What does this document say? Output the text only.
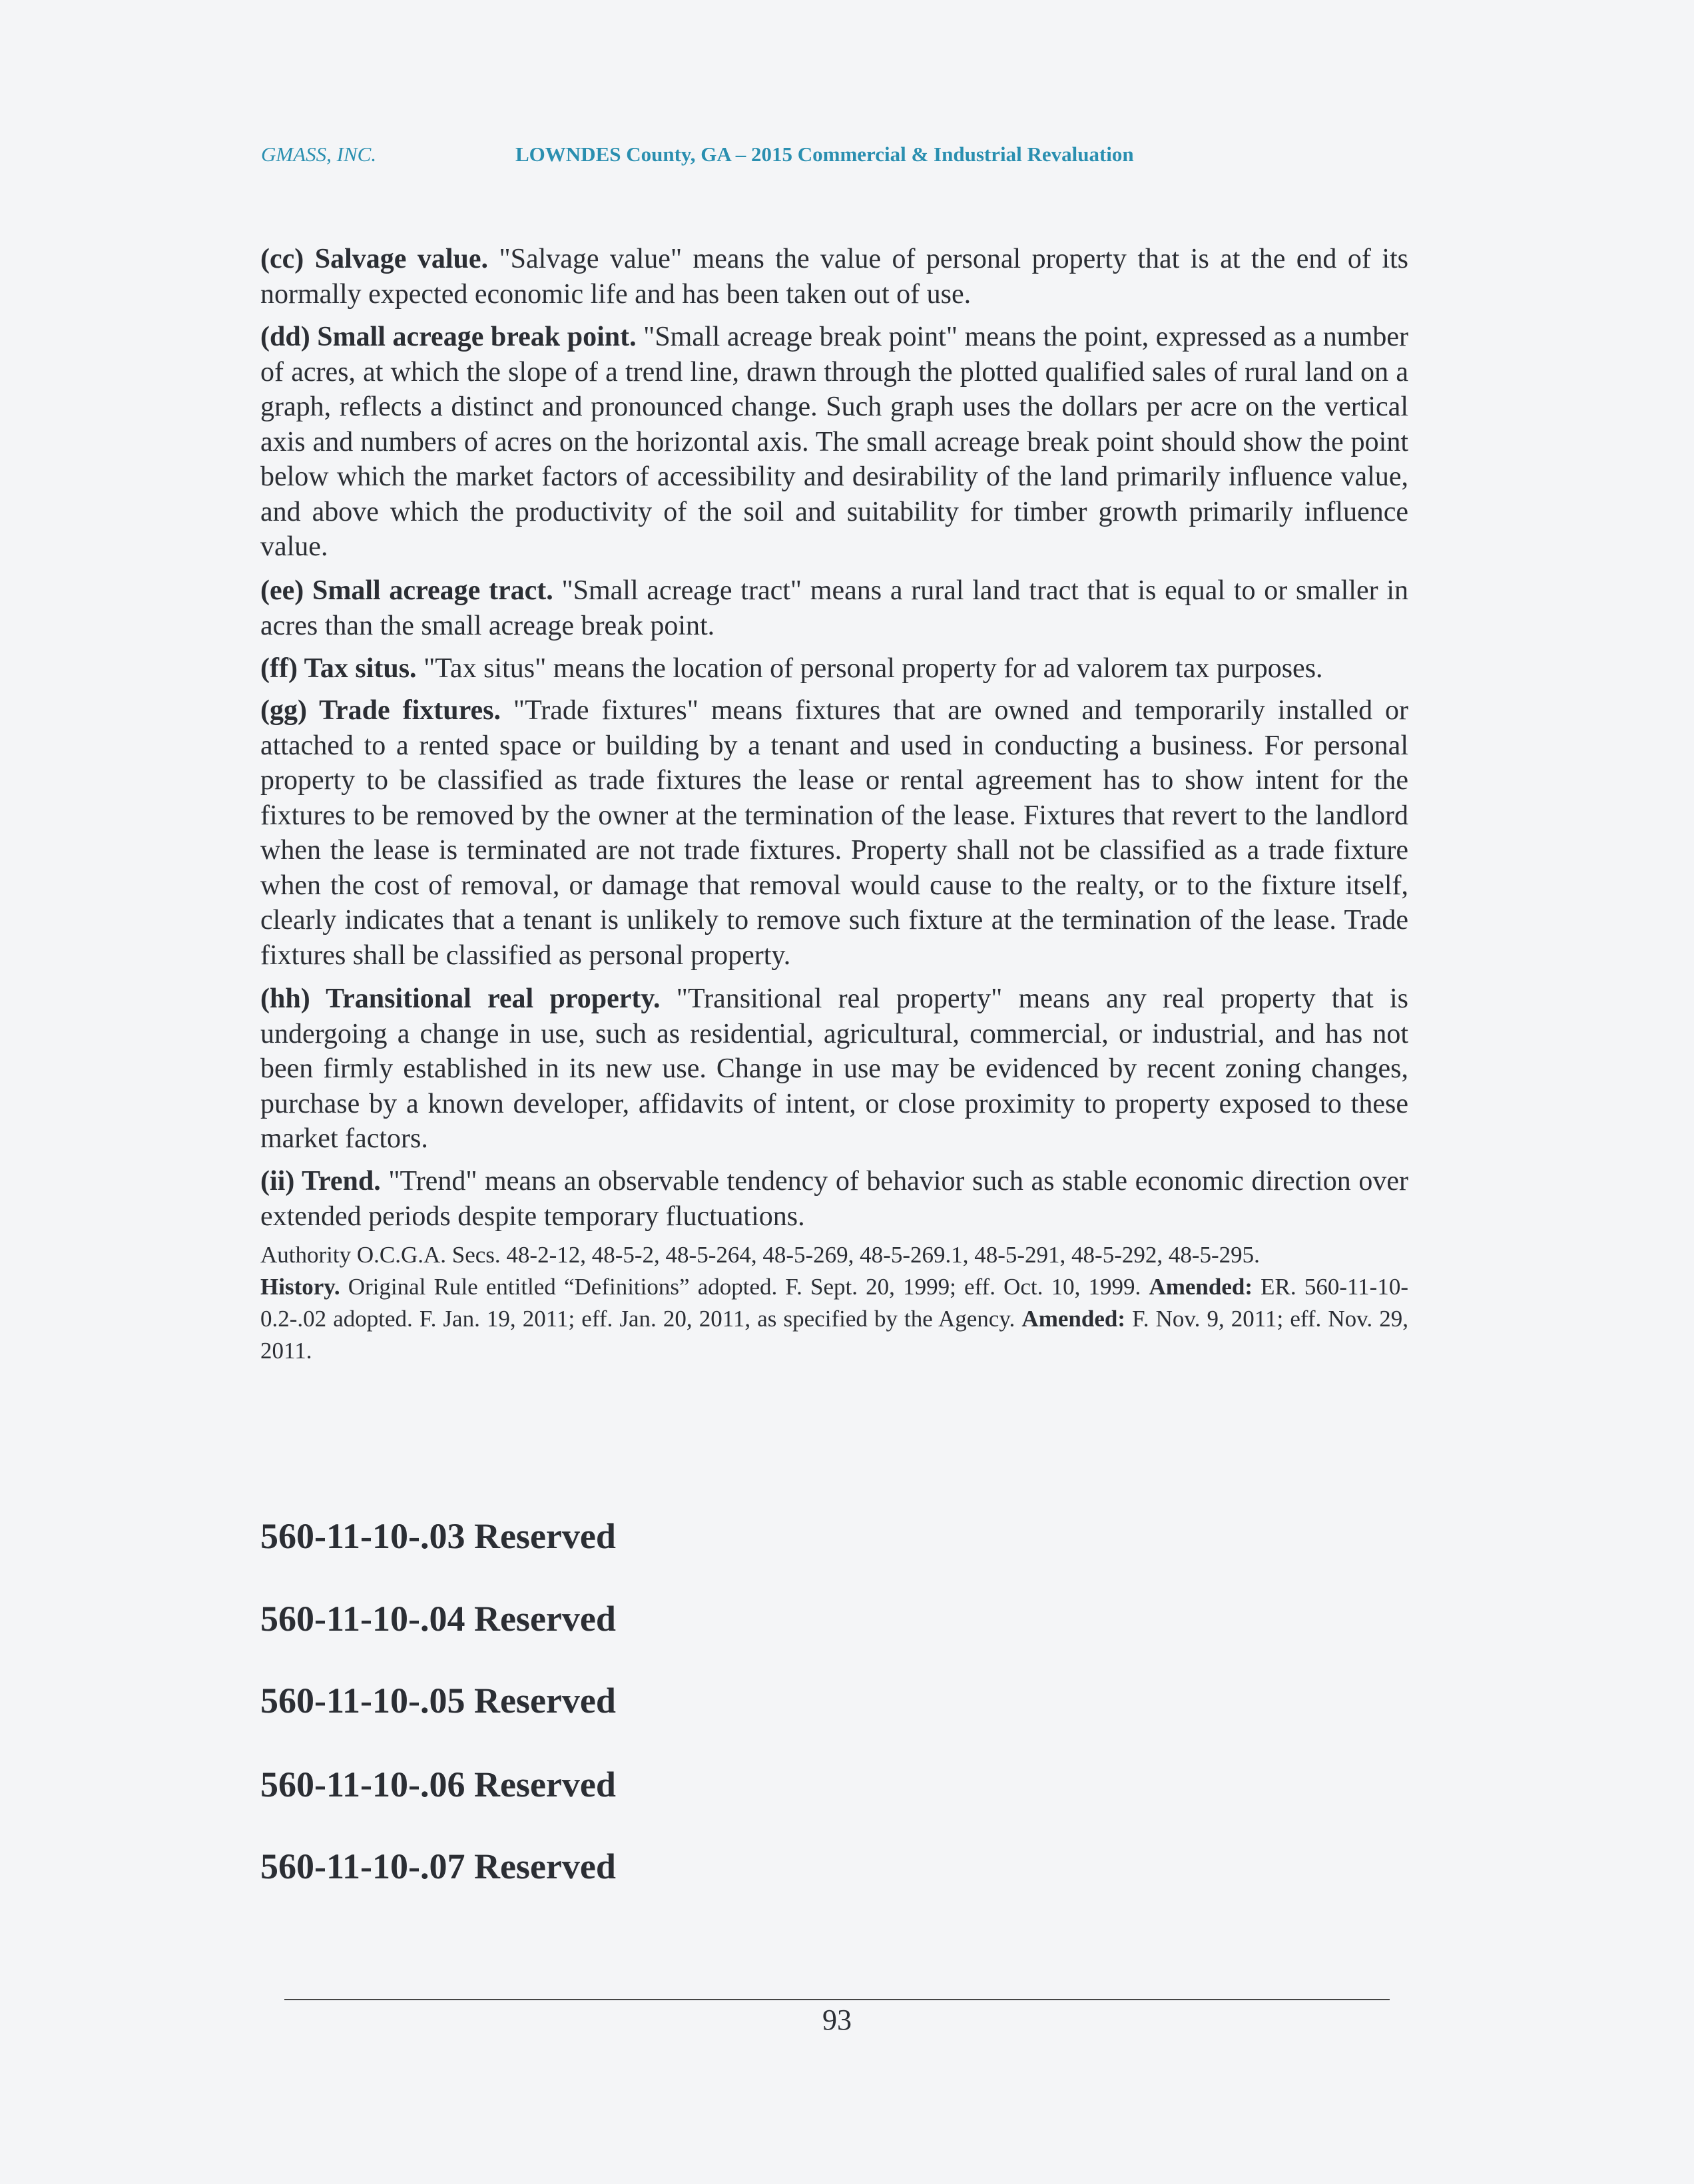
GMASS, INC.	LOWNDES County, GA – 2015 Commercial & Industrial Revaluation
(cc) Salvage value. "Salvage value" means the value of personal property that is at the end of its normally expected economic life and has been taken out of use.
(dd) Small acreage break point. "Small acreage break point" means the point, expressed as a number of acres, at which the slope of a trend line, drawn through the plotted qualified sales of rural land on a graph, reflects a distinct and pronounced change. Such graph uses the dollars per acre on the vertical axis and numbers of acres on the horizontal axis. The small acreage break point should show the point below which the market factors of accessibility and desirability of the land primarily influence value, and above which the productivity of the soil and suitability for timber growth primarily influence value.
(ee) Small acreage tract. "Small acreage tract" means a rural land tract that is equal to or smaller in acres than the small acreage break point.
(ff) Tax situs. "Tax situs" means the location of personal property for ad valorem tax purposes.
(gg) Trade fixtures. "Trade fixtures" means fixtures that are owned and temporarily installed or attached to a rented space or building by a tenant and used in conducting a business. For personal property to be classified as trade fixtures the lease or rental agreement has to show intent for the fixtures to be removed by the owner at the termination of the lease. Fixtures that revert to the landlord when the lease is terminated are not trade fixtures. Property shall not be classified as a trade fixture when the cost of removal, or damage that removal would cause to the realty, or to the fixture itself, clearly indicates that a tenant is unlikely to remove such fixture at the termination of the lease. Trade fixtures shall be classified as personal property.
(hh) Transitional real property. "Transitional real property" means any real property that is undergoing a change in use, such as residential, agricultural, commercial, or industrial, and has not been firmly established in its new use. Change in use may be evidenced by recent zoning changes, purchase by a known developer, affidavits of intent, or close proximity to property exposed to these market factors.
(ii) Trend. "Trend" means an observable tendency of behavior such as stable economic direction over extended periods despite temporary fluctuations.
Authority O.C.G.A. Secs. 48-2-12, 48-5-2, 48-5-264, 48-5-269, 48-5-269.1, 48-5-291, 48-5-292, 48-5-295.
History. Original Rule entitled “Definitions” adopted. F. Sept. 20, 1999; eff. Oct. 10, 1999. Amended: ER. 560-11-10-0.2-.02 adopted. F. Jan. 19, 2011; eff. Jan. 20, 2011, as specified by the Agency. Amended: F. Nov. 9, 2011; eff. Nov. 29, 2011.
560-11-10-.03 Reserved
560-11-10-.04 Reserved
560-11-10-.05 Reserved
560-11-10-.06 Reserved
560-11-10-.07 Reserved
93
